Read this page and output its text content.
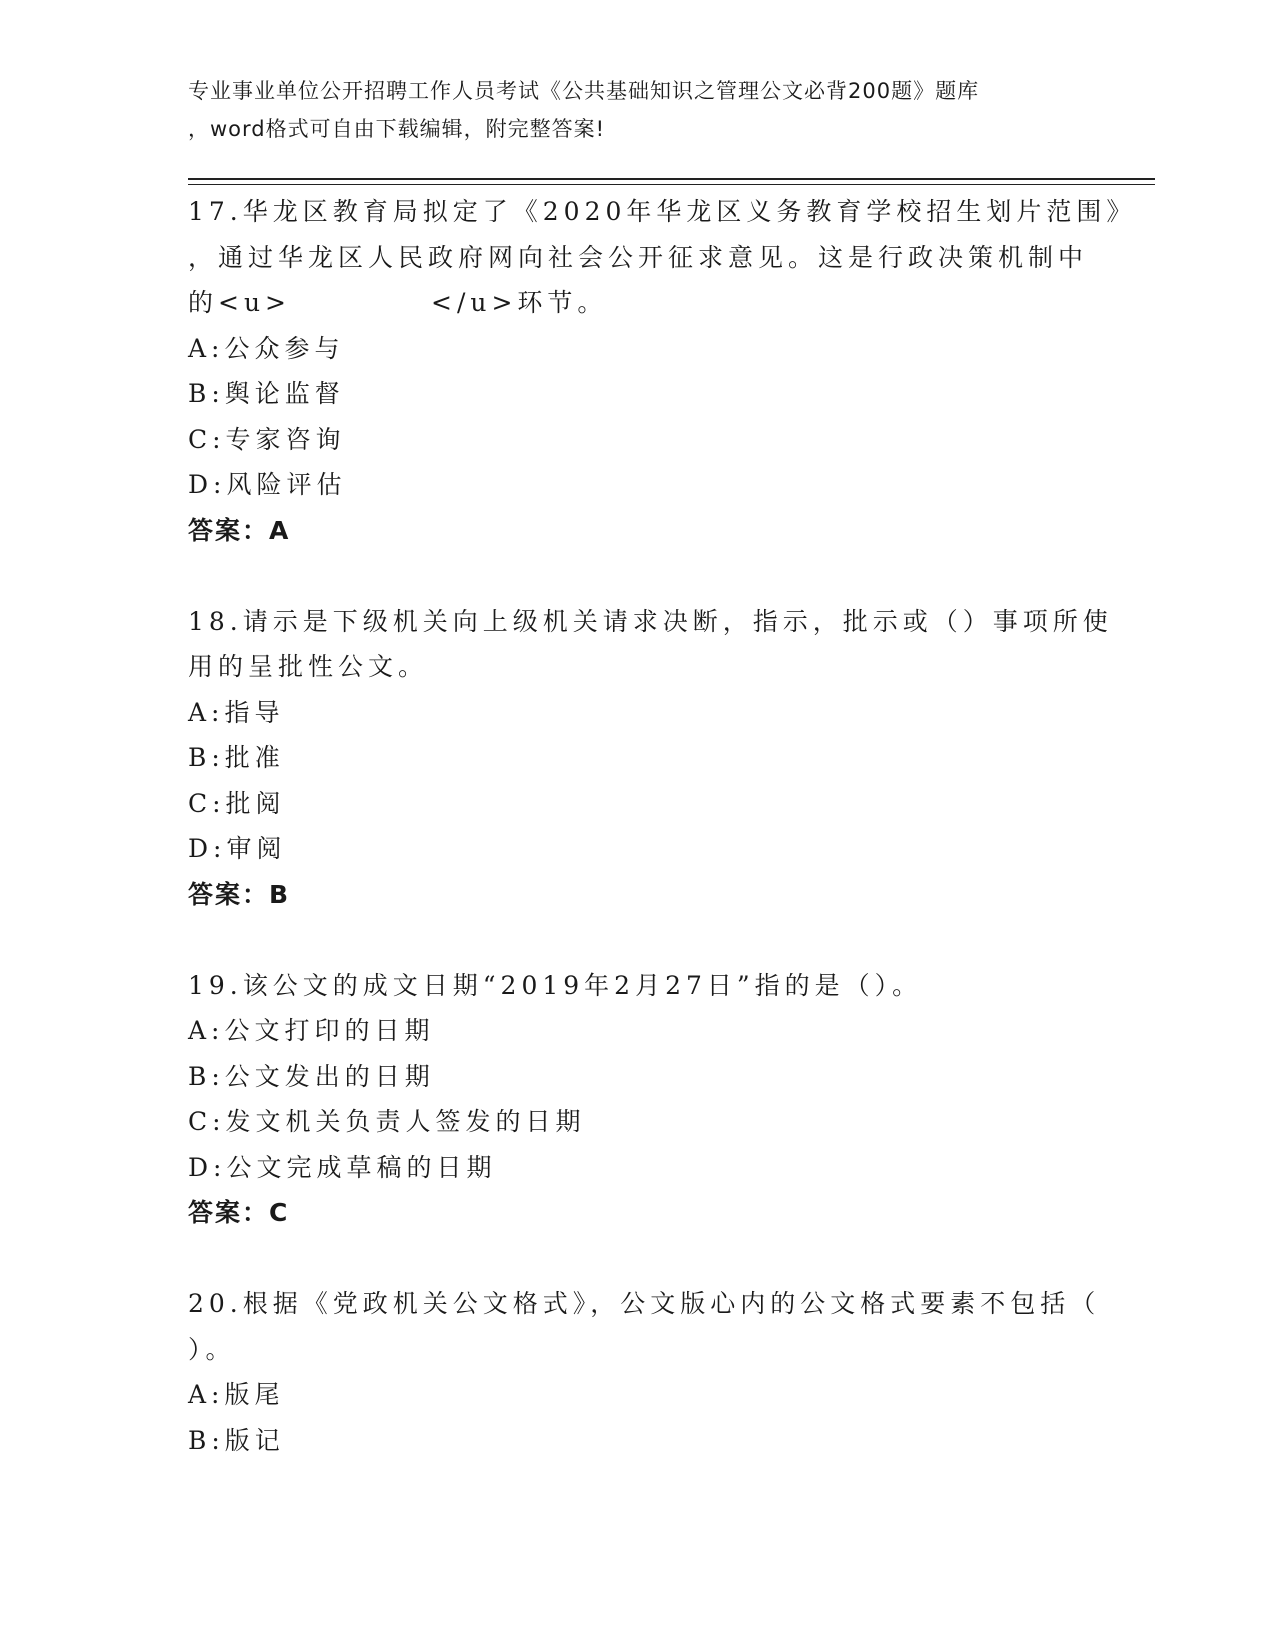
专业事业单位公开招聘工作人员考试《公共基础知识之管理公文必背200题》题库
，word格式可自由下载编辑，附完整答案!
17.华龙区教育局拟定了《2020年华龙区义务教育学校招生划片范围》
，通过华龙区人民政府网向社会公开征求意见。这是行政决策机制中
的<u>	</u>环节。
A:公众参与
B:舆论监督
C:专家咨询
D:风险评估
答案：A
18.请示是下级机关向上级机关请求决断，指示，批示或（）事项所使
用的呈批性公文。
A:指导
B:批准
C:批阅
D:审阅
答案：B
19.该公文的成文日期“2019年2月27日”指的是（）。
A:公文打印的日期
B:公文发出的日期
C:发文机关负责人签发的日期
D:公文完成草稿的日期
答案：C
20.根据《党政机关公文格式》，公文版心内的公文格式要素不包括（
）。
A:版尾
B:版记
